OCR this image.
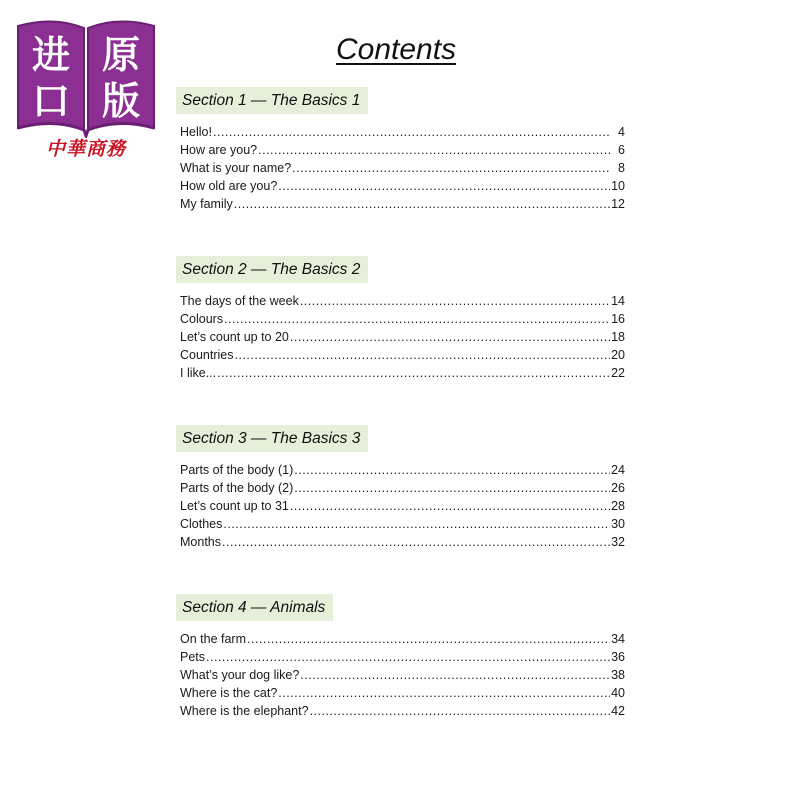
进 原
口 版
中華商務
Contents
Section 1 — The Basics 1
Hello! .....	4
How are you? .....	6
What is your name? .....	8
How old are you? .....	10
My family .....	12
Section 2 — The Basics 2
The days of the week .....	14
Colours .....	16
Let’s count up to 20 .....	18
Countries .....	20
I like... .....	22
Section 3 — The Basics 3
Parts of the body (1) .....	24
Parts of the body (2) .....	26
Let’s count up to 31 .....	28
Clothes .....	30
Months .....	32
Section 4 — Animals
On the farm .....	34
Pets .....	36
What’s your dog like? .....	38
Where is the cat? .....	40
Where is the elephant? .....	42
